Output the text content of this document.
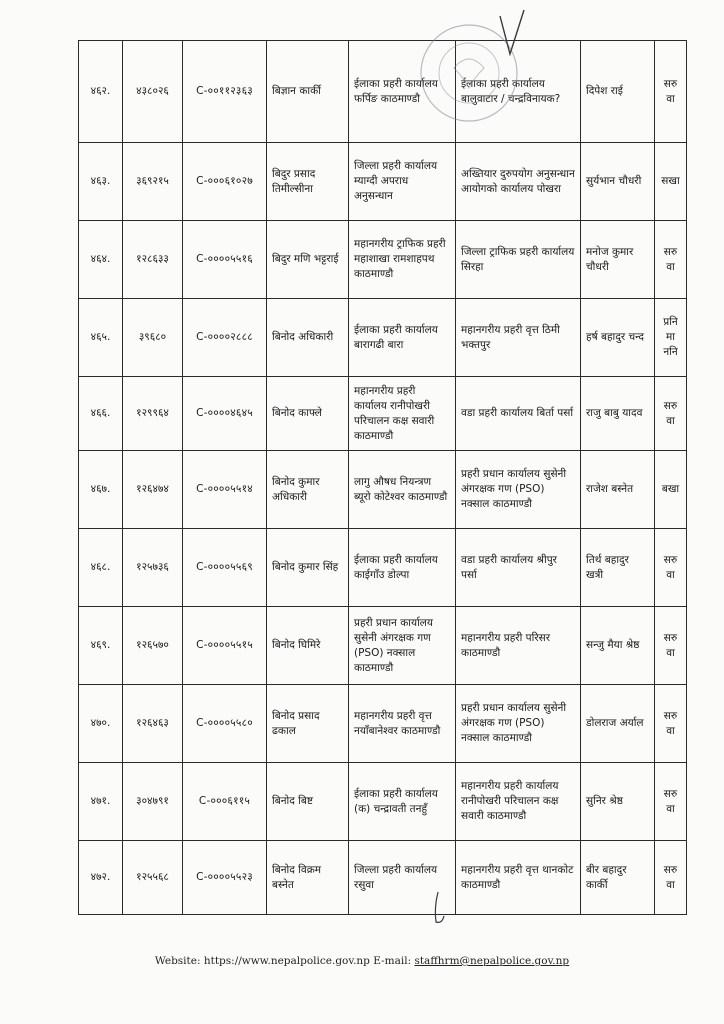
४६२.	४३८०२६	C-००११२३६३	बिज्ञान कार्की	ईलाका प्रहरी कार्यालय फर्पिङ काठमाण्डौ	ईलाका प्रहरी कार्यालय बालुवाटार / चन्द्रविनायक?	दिपेश राई	सरुवा
४६३.	३६९२१५	C-०००६१०२७	बिदुर प्रसाद तिमील्सीना	जिल्ला प्रहरी कार्यालय म्याग्दी अपराध अनुसन्धान	अख्तियार दुरुपयोग अनुसन्धान आयोगको कार्यालय पोखरा	सुर्यभान चौधरी	सखा
४६४.	१२८६३३	C-००००५५१६	बिदुर मणि भट्टराई	महानगरीय ट्राफिक प्रहरी महाशाखा रामशाहपथ काठमाण्डौ	जिल्ला ट्राफिक प्रहरी कार्यालय सिरहा	मनोज कुमार चौधरी	सरुवा
४६५.	३९६८०	C-००००२८८८	बिनोद अधिकारी	ईलाका प्रहरी कार्यालय बारागढी बारा	महानगरीय प्रहरी वृत्त ठिमी भक्तपुर	हर्ष बहादुर चन्द	प्रनि मा ननि
४६६.	१२९९६४	C-००००४६४५	बिनोद काफ्ले	महानगरीय प्रहरी कार्यालय रानीपोखरी परिचालन कक्ष सवारी काठमाण्डौ	वडा प्रहरी कार्यालय बिर्ता पर्सा	राजु बाबु यादव	सरुवा
४६७.	१२६४७४	C-००००५५१४	बिनोद कुमार अधिकारी	लागु औषध नियन्त्रण ब्यूरो कोटेश्वर काठमाण्डौ	प्रहरी प्रधान कार्यालय सुसेनी अंगरक्षक गण (PSO) नक्साल काठमाण्डौ	राजेश बस्नेत	बखा
४६८.	१२५७३६	C-००००५५६९	बिनोद कुमार सिंह	ईलाका प्रहरी कार्यालय काईगाँउ डोल्पा	वडा प्रहरी कार्यालय श्रीपुर पर्सा	तिर्थ बहादुर खत्री	सरुवा
४६९.	१२६५७०	C-००००५५१५	बिनोद घिमिरे	प्रहरी प्रधान कार्यालय सुसेनी अंगरक्षक गण (PSO) नक्साल काठमाण्डौ	महानगरीय प्रहरी परिसर काठमाण्डौ	सन्जु मैया श्रेष्ठ	सरुवा
४७०.	१२६४६३	C-००००५५८०	बिनोद प्रसाद ढकाल	महानगरीय प्रहरी वृत्त नयाँबानेश्वर काठमाण्डौ	प्रहरी प्रधान कार्यालय सुसेनी अंगरक्षक गण (PSO) नक्साल काठमाण्डौ	डोलराज अर्याल	सरुवा
४७१.	३०४७९१	C-०००६११५	बिनोद बिष्ट	ईलाका प्रहरी कार्यालय (क) चन्द्रावती तनहुँ	महानगरीय प्रहरी कार्यालय रानीपोखरी परिचालन कक्ष सवारी काठमाण्डौ	सुनिर श्रेष्ठ	सरुवा
४७२.	१२५५६८	C-००००५५२३	बिनोद विक्रम बस्नेत	जिल्ला प्रहरी कार्यालय रसुवा	महानगरीय प्रहरी वृत्त थानकोट काठमाण्डौ	बीर बहादुर कार्की	सरुवा
Website: https://www.nepalpolice.gov.np E-mail: staffhrm@nepalpolice.gov.np
